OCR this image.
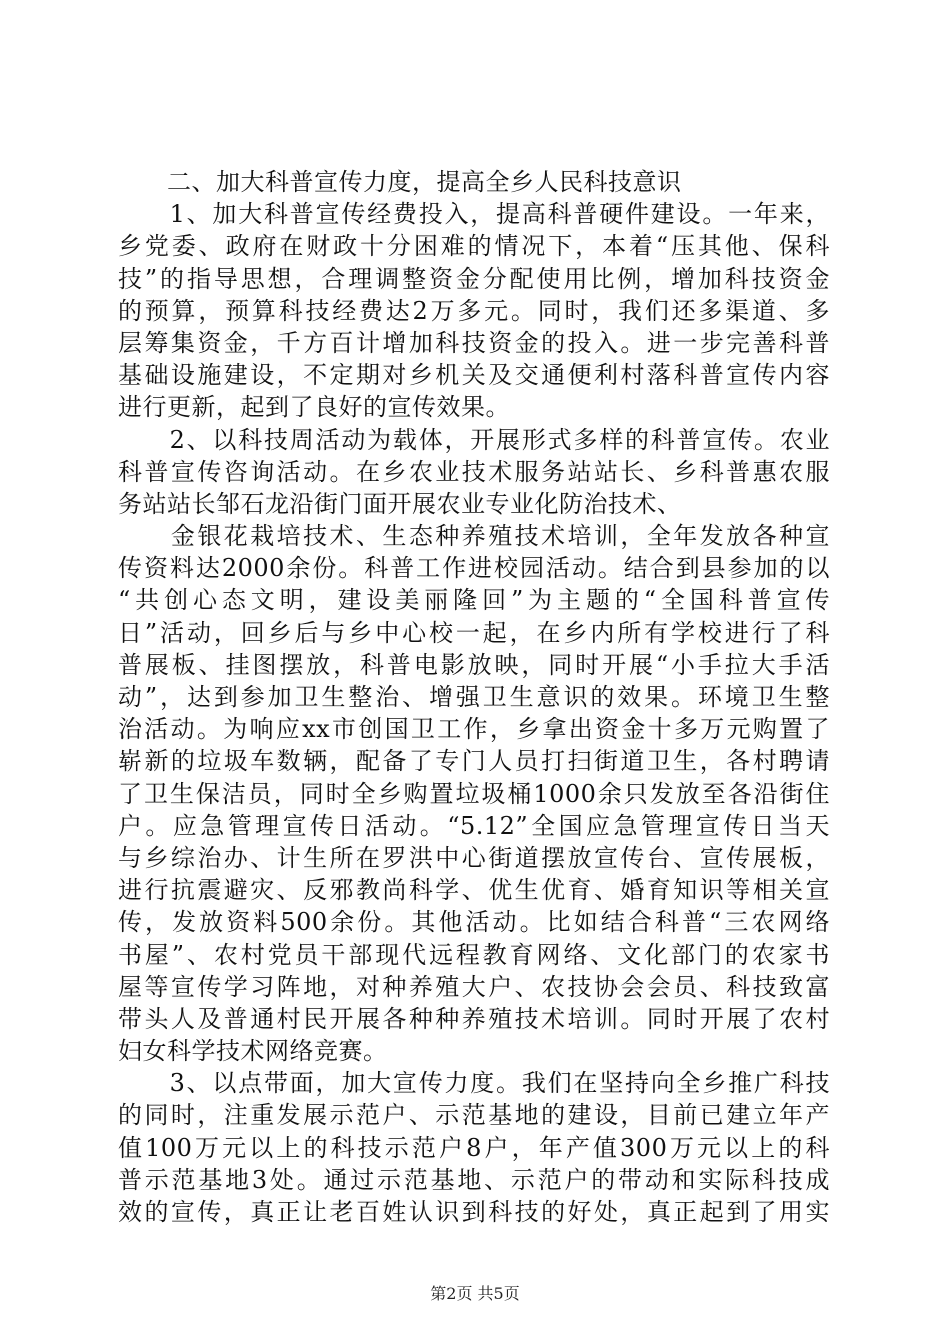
　　二、加大科普宣传力度，提高全乡人民科技意识
　　1、加大科普宣传经费投入，提高科普硬件建设。一年来，
乡党委、政府在财政十分困难的情况下，本着“压其他、保科
技”的指导思想，合理调整资金分配使用比例，增加科技资金
的预算，预算科技经费达2万多元。同时，我们还多渠道、多
层筹集资金，千方百计增加科技资金的投入。进一步完善科普
基础设施建设，不定期对乡机关及交通便利村落科普宣传内容
进行更新，起到了良好的宣传效果。
　　2、以科技周活动为载体，开展形式多样的科普宣传。农业
科普宣传咨询活动。在乡农业技术服务站站长、乡科普惠农服
务站站长邹石龙沿街门面开展农业专业化防治技术、
　　金银花栽培技术、生态种养殖技术培训，全年发放各种宣
传资料达2000余份。科普工作进校园活动。结合到县参加的以
“共创心态文明，建设美丽隆回”为主题的“全国科普宣传
日”活动，回乡后与乡中心校一起，在乡内所有学校进行了科
普展板、挂图摆放，科普电影放映，同时开展“小手拉大手活
动”，达到参加卫生整治、增强卫生意识的效果。环境卫生整
治活动。为响应xx市创国卫工作，乡拿出资金十多万元购置了
崭新的垃圾车数辆，配备了专门人员打扫街道卫生，各村聘请
了卫生保洁员，同时全乡购置垃圾桶1000余只发放至各沿街住
户。应急管理宣传日活动。“5.12”全国应急管理宣传日当天
与乡综治办、计生所在罗洪中心街道摆放宣传台、宣传展板，
进行抗震避灾、反邪教尚科学、优生优育、婚育知识等相关宣
传，发放资料500余份。其他活动。比如结合科普“三农网络
书屋”、农村党员干部现代远程教育网络、文化部门的农家书
屋等宣传学习阵地，对种养殖大户、农技协会会员、科技致富
带头人及普通村民开展各种种养殖技术培训。同时开展了农村
妇女科学技术网络竞赛。
　　3、以点带面，加大宣传力度。我们在坚持向全乡推广科技
的同时，注重发展示范户、示范基地的建设，目前已建立年产
值100万元以上的科技示范户8户，年产值300万元以上的科
普示范基地3处。通过示范基地、示范户的带动和实际科技成
效的宣传，真正让老百姓认识到科技的好处，真正起到了用实
第2页 共5页
